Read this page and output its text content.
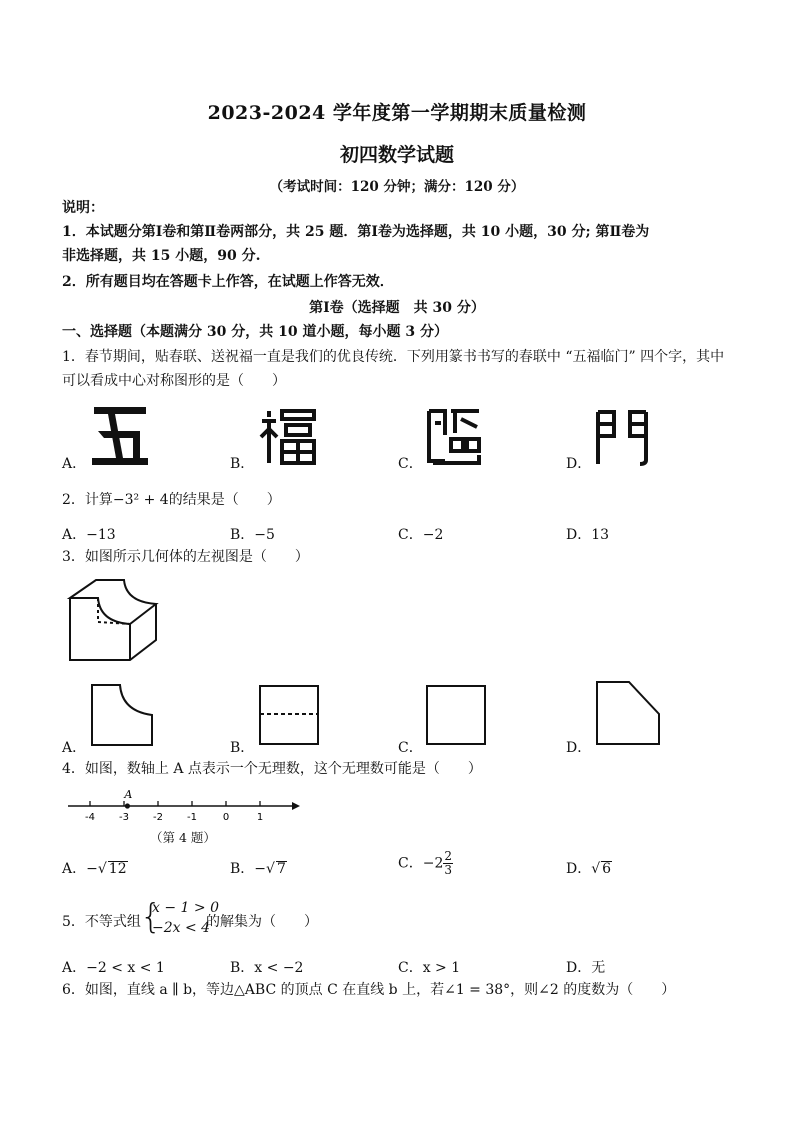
2023-2024 学年度第一学期期末质量检测
初四数学试题
（考试时间：120 分钟；满分：120 分）
说明：
1．本试题分第Ⅰ卷和第Ⅱ卷两部分，共 25 题．第Ⅰ卷为选择题，共 10 小题，30 分; 第Ⅱ卷为
非选择题，共 15 小题，90 分.
2．所有题目均在答题卡上作答，在试题上作答无效．
第Ⅰ卷（选择题　共 30 分）
一、选择题（本题满分 30 分，共 10 道小题，每小题 3 分）
1．春节期间，贴春联、送祝福一直是我们的优良传统．下列用篆书书写的春联中 “五福临门” 四个字，其中
可以看成中心对称图形的是（　　）
A．	B．	C．	D．
2．计算−3² + 4的结果是（　　）
A．−13	B．−5	C．−2	D．13
3．如图所示几何体的左视图是（　　）
A．	B．	C．	D．
4．如图，数轴上 A 点表示一个无理数，这个无理数可能是（　　）
-4 -3 -2 -1	0	1
A
（第 4 题）
A．−√ 12	B．−√ 7	C．$-2 \frac{2}{3}$	D．√ 6
5．不等式组 {
x − 1 > 0
−2x < 4
的解集为（　　）
A．−2 < x < 1	B．x < −2	C．x > 1	D．无
6．如图，直线 a ∥ b，等边△ABC 的顶点 C 在直线 b 上，若∠1 = 38°，则∠2 的度数为（　　）
